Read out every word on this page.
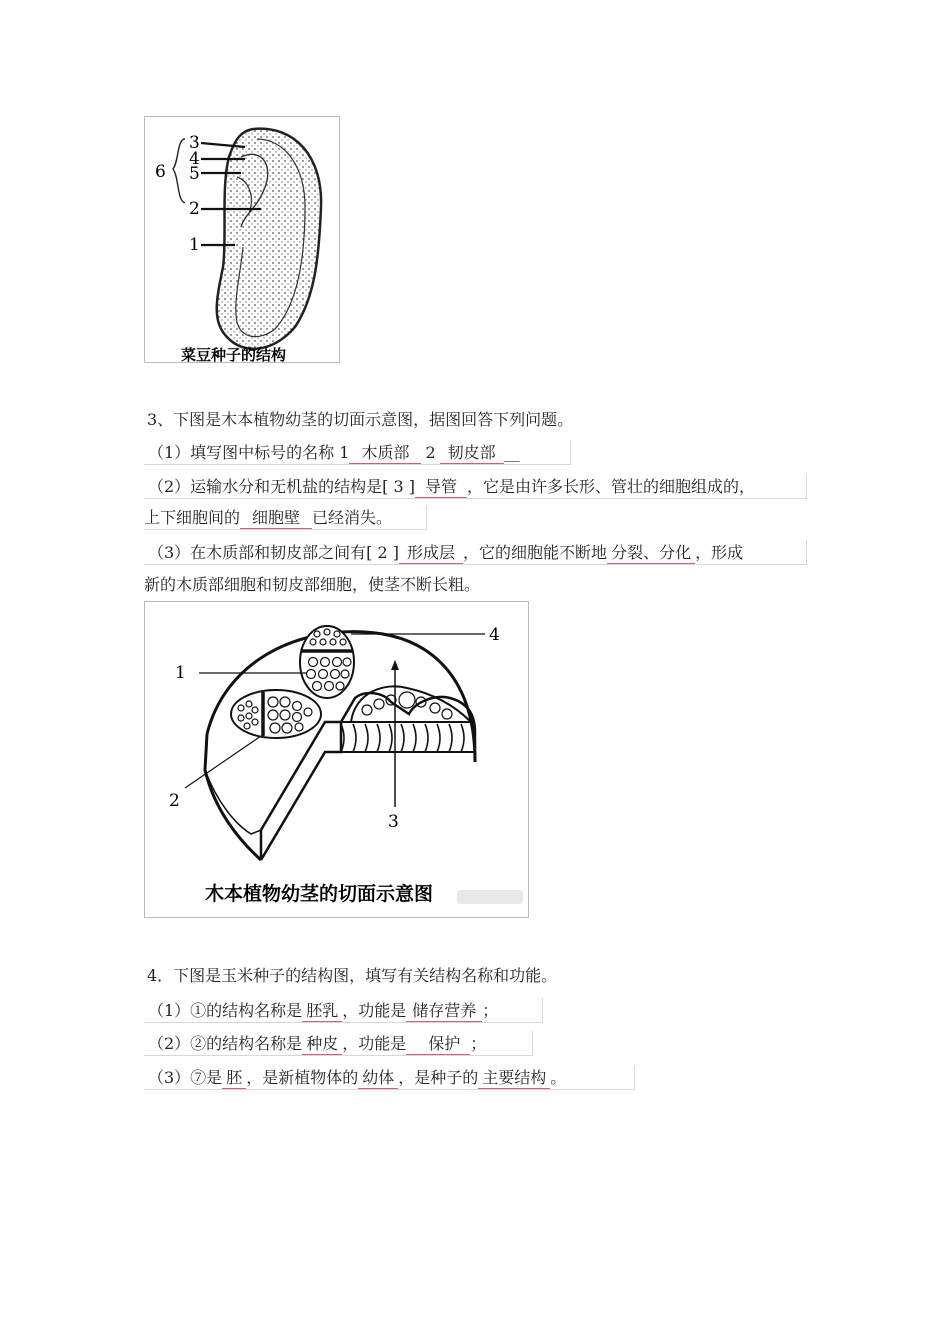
3
4
5
6
2
1
菜豆种子的结构
3、下图是木本植物幼茎的切面示意图，据图回答下列问题。
（1）填写图中标号的名称 1 木质部 2 韧皮部 __
（2）运输水分和无机盐的结构是[ 3 ] 导管 ，它是由许多长形、管壮的细胞组成的，
上下细胞间的 细胞壁 已经消失。
（3）在木质部和韧皮部之间有[ 2 ] 形成层 ，它的细胞能不断地 分裂、分化 ，形成
新的木质部细胞和韧皮部细胞，使茎不断长粗。
1
2
3
4
木本植物幼茎的切面示意图
4．下图是玉米种子的结构图，填写有关结构名称和功能。
（1）①的结构名称是 胚乳 ，功能是 储存营养 ；
（2）②的结构名称是 种皮 ，功能是 保护 ；
（3）⑦是 胚 ，是新植物体的 幼体 ，是种子的 主要结构 。
